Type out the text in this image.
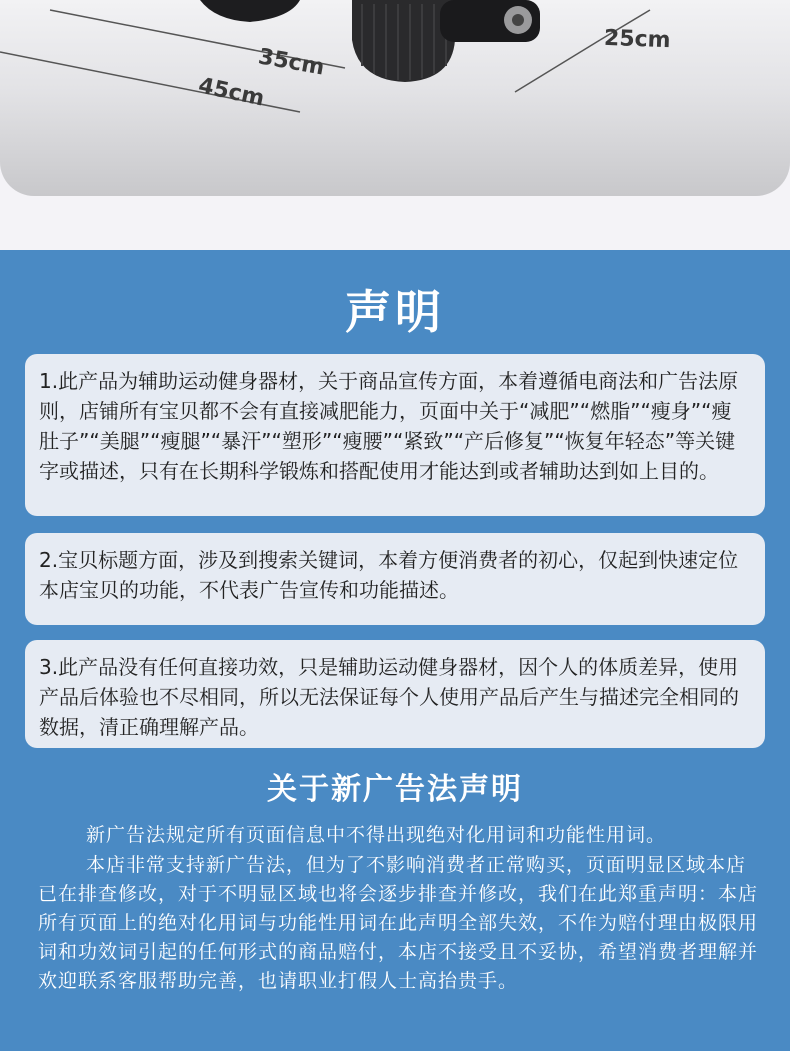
35cm
45cm
25cm
声明
1.此产品为辅助运动健身器材，关于商品宣传方面，本着遵循电商法和广告法原则，店铺所有宝贝都不会有直接减肥能力，页面中关于“减肥”“燃脂”“瘦身”“瘦肚子”“美腿”“瘦腿”“暴汗”“塑形”“瘦腰”“紧致”“产后修复”“恢复年轻态”等关键字或描述，只有在长期科学锻炼和搭配使用才能达到或者辅助达到如上目的。
2.宝贝标题方面，涉及到搜索关键词，本着方便消费者的初心，仅起到快速定位本店宝贝的功能，不代表广告宣传和功能描述。
3.此产品没有任何直接功效，只是辅助运动健身器材，因个人的体质差异，使用产品后体验也不尽相同，所以无法保证每个人使用产品后产生与描述完全相同的数据，清正确理解产品。
关于新广告法声明
新广告法规定所有页面信息中不得出现绝对化用词和功能性用词。
本店非常支持新广告法，但为了不影响消费者正常购买，页面明显区域本店已在排查修改，对于不明显区域也将会逐步排查并修改，我们在此郑重声明：本店所有页面上的绝对化用词与功能性用词在此声明全部失效，不作为赔付理由极限用词和功效词引起的任何形式的商品赔付，本店不接受且不妥协，希望消费者理解并欢迎联系客服帮助完善，也请职业打假人士高抬贵手。
